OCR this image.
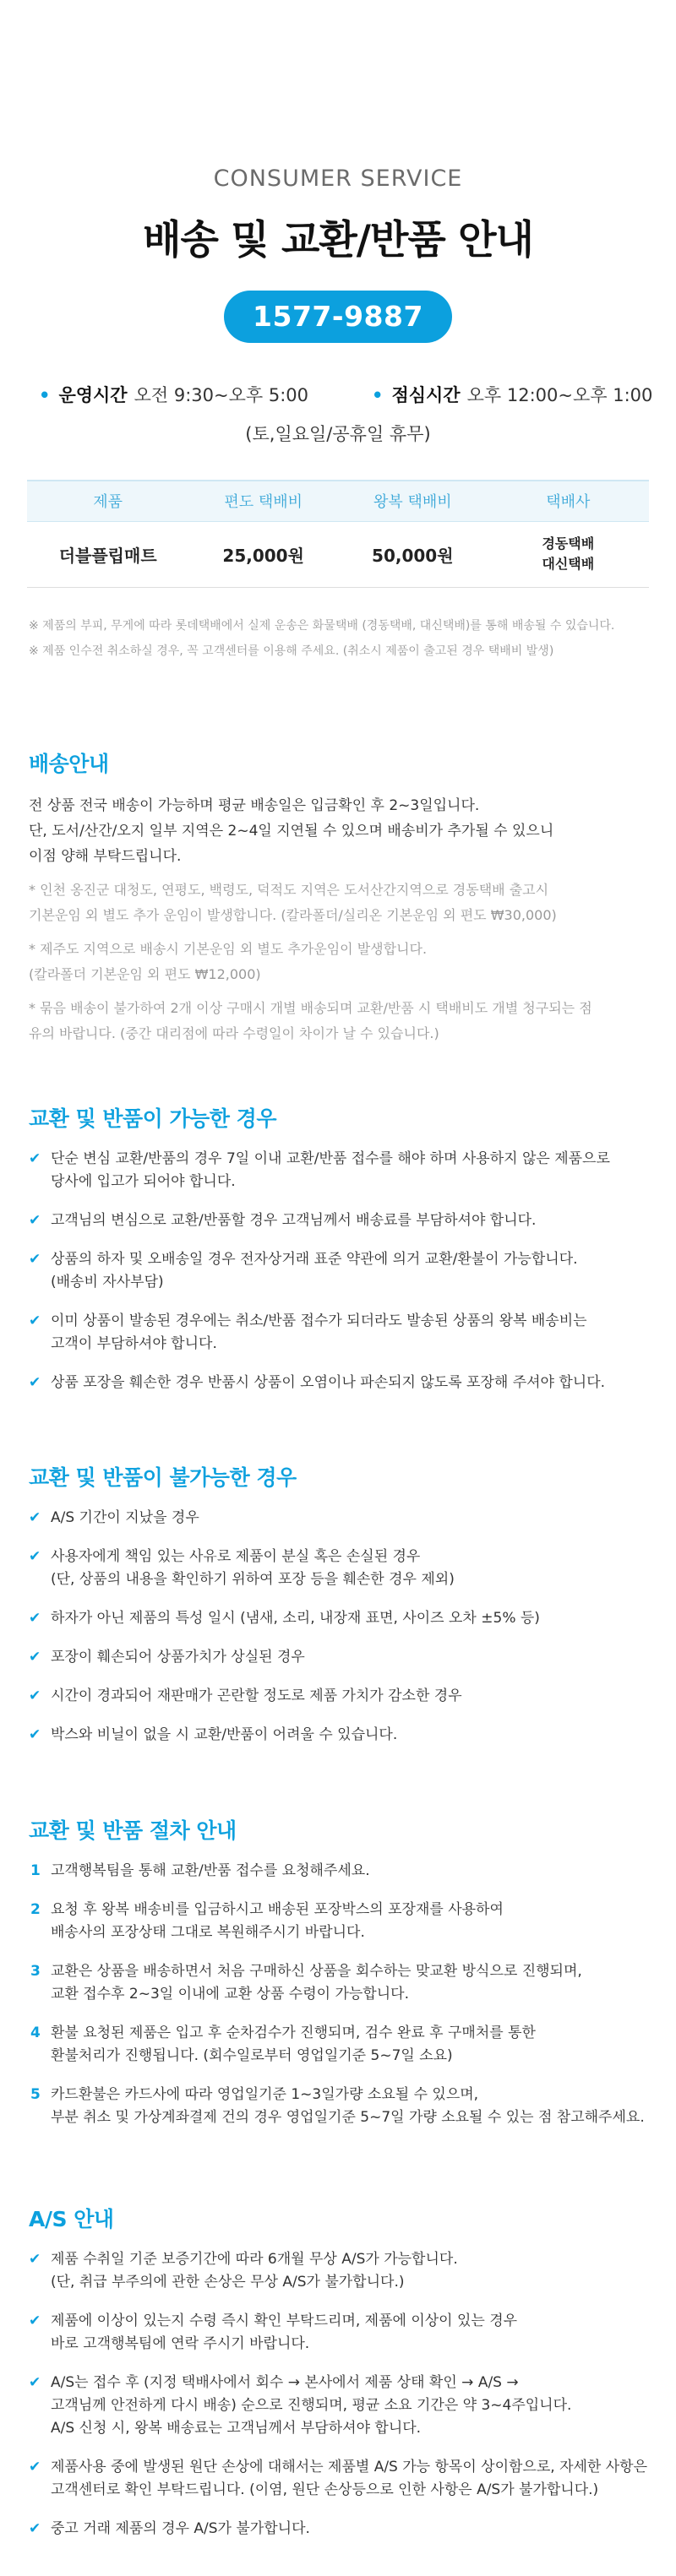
CONSUMER SERVICE
배송 및 교환/반품 안내
1577-9887
• 운영시간 오전 9:30~오후 5:00	• 점심시간 오후 12:00~오후 1:00
(토,일요일/공휴일 휴무)
제품	편도 택배비	왕복 택배비	택배사
더블플립매트	25,000원	50,000원	경동택배
대신택배
※ 제품의 부피, 무게에 따라 롯데택배에서 실제 운송은 화물택배 (경동택배, 대신택배)를 통해 배송될 수 있습니다.
※ 제품 인수전 취소하실 경우, 꼭 고객센터를 이용해 주세요. (취소시 제품이 출고된 경우 택배비 발생)
배송안내
전 상품 전국 배송이 가능하며 평균 배송일은 입금확인 후 2~3일입니다.
단, 도서/산간/오지 일부 지역은 2~4일 지연될 수 있으며 배송비가 추가될 수 있으니
이점 양해 부탁드립니다.
* 인천 옹진군 대청도, 연평도, 백령도, 덕적도 지역은 도서산간지역으로 경동택배 출고시
기본운임 외 별도 추가 운임이 발생합니다. (칼라폴더/실리온 기본운임 외 편도 ₩30,000)
* 제주도 지역으로 배송시 기본운임 외 별도 추가운임이 발생합니다.
(칼라폴더 기본운임 외 편도 ₩12,000)
* 묶음 배송이 불가하여 2개 이상 구매시 개별 배송되며 교환/반품 시 택배비도 개별 청구되는 점
유의 바랍니다. (중간 대리점에 따라 수령일이 차이가 날 수 있습니다.)
교환 및 반품이 가능한 경우
✔ 단순 변심 교환/반품의 경우 7일 이내 교환/반품 접수를 해야 하며 사용하지 않은 제품으로
당사에 입고가 되어야 합니다.
✔ 고객님의 변심으로 교환/반품할 경우 고객님께서 배송료를 부담하셔야 합니다.
✔ 상품의 하자 및 오배송일 경우 전자상거래 표준 약관에 의거 교환/환불이 가능합니다.
(배송비 자사부담)
✔ 이미 상품이 발송된 경우에는 취소/반품 접수가 되더라도 발송된 상품의 왕복 배송비는
고객이 부담하셔야 합니다.
✔ 상품 포장을 훼손한 경우 반품시 상품이 오염이나 파손되지 않도록 포장해 주셔야 합니다.
교환 및 반품이 불가능한 경우
✔ A/S 기간이 지났을 경우
✔ 사용자에게 책임 있는 사유로 제품이 분실 혹은 손실된 경우
(단, 상품의 내용을 확인하기 위하여 포장 등을 훼손한 경우 제외)
✔ 하자가 아닌 제품의 특성 일시 (냄새, 소리, 내장재 표면, 사이즈 오차 ±5% 등)
✔ 포장이 훼손되어 상품가치가 상실된 경우
✔ 시간이 경과되어 재판매가 곤란할 정도로 제품 가치가 감소한 경우
✔ 박스와 비닐이 없을 시 교환/반품이 어려울 수 있습니다.
교환 및 반품 절차 안내
1 고객행복팀을 통해 교환/반품 접수를 요청해주세요.
2 요청 후 왕복 배송비를 입금하시고 배송된 포장박스의 포장재를 사용하여
배송사의 포장상태 그대로 복원해주시기 바랍니다.
3 교환은 상품을 배송하면서 처음 구매하신 상품을 회수하는 맞교환 방식으로 진행되며,
교환 접수후 2~3일 이내에 교환 상품 수령이 가능합니다.
4 환불 요청된 제품은 입고 후 순차검수가 진행되며, 검수 완료 후 구매처를 통한
환불처리가 진행됩니다. (회수일로부터 영업일기준 5~7일 소요)
5 카드환불은 카드사에 따라 영업일기준 1~3일가량 소요될 수 있으며,
부분 취소 및 가상계좌결제 건의 경우 영업일기준 5~7일 가량 소요될 수 있는 점 참고해주세요.
A/S 안내
✔ 제품 수취일 기준 보증기간에 따라 6개월 무상 A/S가 가능합니다.
(단, 취급 부주의에 관한 손상은 무상 A/S가 불가합니다.)
✔ 제품에 이상이 있는지 수령 즉시 확인 부탁드리며, 제품에 이상이 있는 경우
바로 고객행복팀에 연락 주시기 바랍니다.
✔ A/S는 접수 후 (지정 택배사에서 회수 → 본사에서 제품 상태 확인 → A/S →
고객님께 안전하게 다시 배송) 순으로 진행되며, 평균 소요 기간은 약 3~4주입니다.
A/S 신청 시, 왕복 배송료는 고객님께서 부담하셔야 합니다.
✔ 제품사용 중에 발생된 원단 손상에 대해서는 제품별 A/S 가능 항목이 상이함으로, 자세한 사항은
고객센터로 확인 부탁드립니다. (이염, 원단 손상등으로 인한 사항은 A/S가 불가합니다.)
✔ 중고 거래 제품의 경우 A/S가 불가합니다.
